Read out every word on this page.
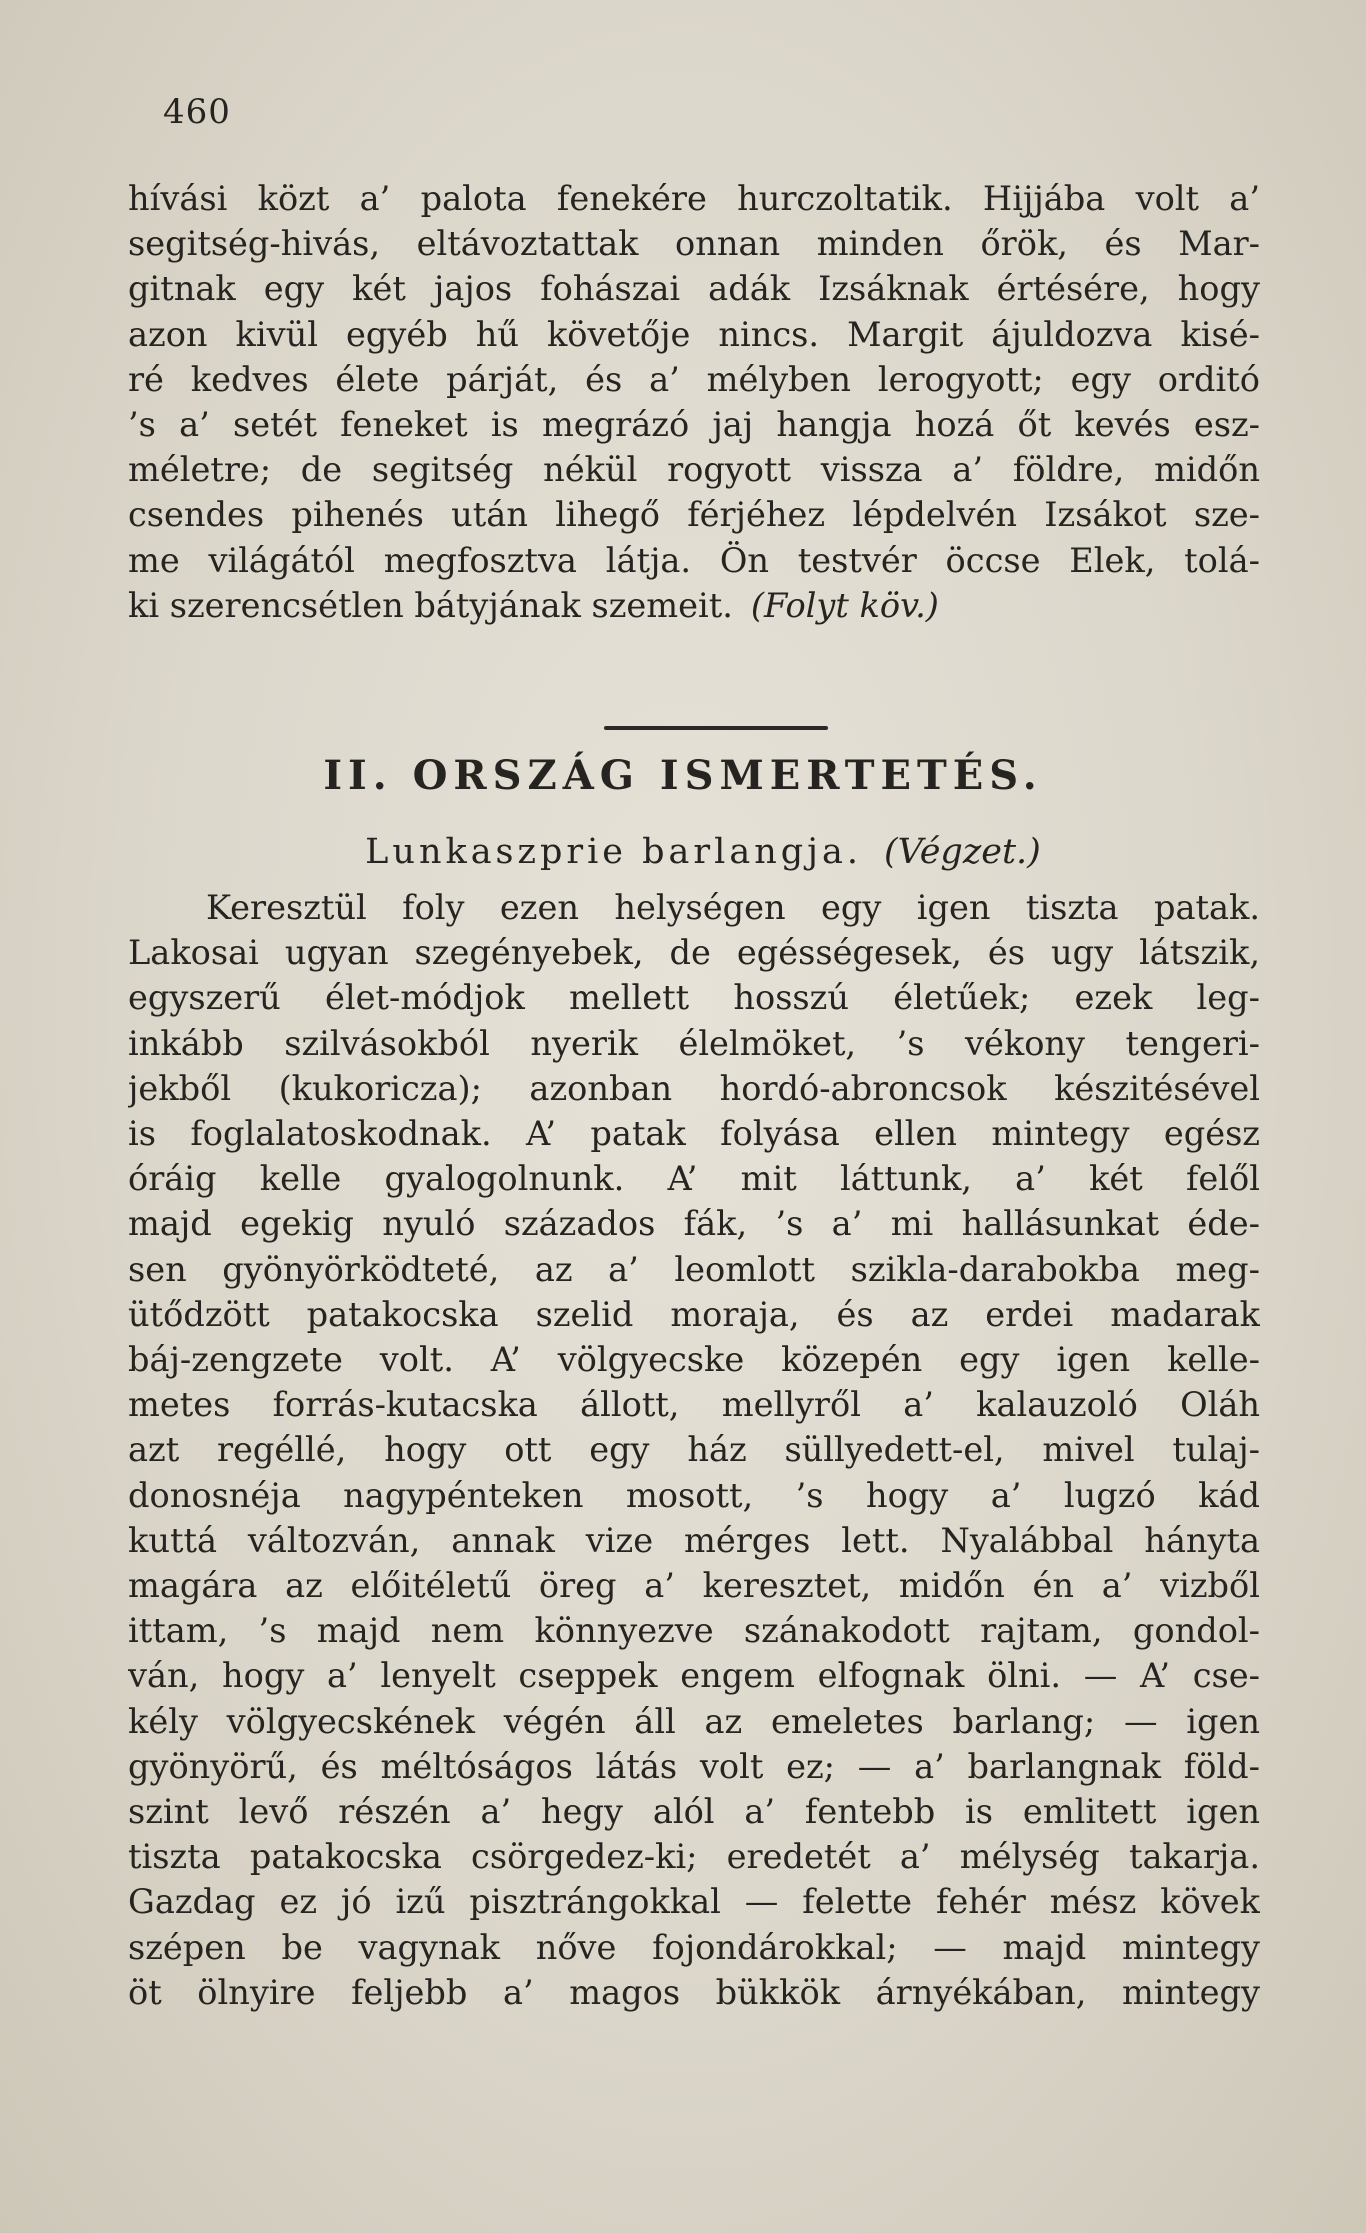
460
hívási közt a’ palota fenekére hurczoltatik. Hijjába volt a’
segitség-hivás, eltávoztattak onnan minden őrök, és Mar-
gitnak egy két jajos fohászai adák Izsáknak értésére, hogy
azon kivül egyéb hű követője nincs. Margit ájuldozva kisé-
ré kedves élete párját, és a’ mélyben lerogyott; egy orditó
’s a’ setét feneket is megrázó jaj hangja hozá őt kevés esz-
méletre; de segitség nékül rogyott vissza a’ földre, midőn
csendes pihenés után lihegő férjéhez lépdelvén Izsákot sze-
me világától megfosztva látja. Ön testvér öccse Elek, tolá-
ki szerencsétlen bátyjának szemeit. (Folyt köv.)
II. ORSZÁG ISMERTETÉS.
Lunkaszprie barlangja. (Végzet.)
Keresztül foly ezen helységen egy igen tiszta patak.
Lakosai ugyan szegényebek, de egésségesek, és ugy látszik,
egyszerű élet-módjok mellett hosszú életűek; ezek leg-
inkább szilvásokból nyerik élelmöket, ’s vékony tengeri-
jekből (kukoricza); azonban hordó-abroncsok készitésével
is foglalatoskodnak. A’ patak folyása ellen mintegy egész
óráig kelle gyalogolnunk. A’ mit láttunk, a’ két felől
majd egekig nyuló százados fák, ’s a’ mi hallásunkat éde-
sen gyönyörködteté, az a’ leomlott szikla-darabokba meg-
ütődzött patakocska szelid moraja, és az erdei madarak
báj-zengzete volt. A’ völgyecske közepén egy igen kelle-
metes forrás-kutacska állott, mellyről a’ kalauzoló Oláh
azt regéllé, hogy ott egy ház süllyedett-el, mivel tulaj-
donosnéja nagypénteken mosott, ’s hogy a’ lugzó kád
kuttá változván, annak vize mérges lett. Nyalábbal hányta
magára az előitéletű öreg a’ keresztet, midőn én a’ vizből
ittam, ’s majd nem könnyezve szánakodott rajtam, gondol-
ván, hogy a’ lenyelt cseppek engem elfognak ölni. — A’ cse-
kély völgyecskének végén áll az emeletes barlang; — igen
gyönyörű, és méltóságos látás volt ez; — a’ barlangnak föld-
szint levő részén a’ hegy alól a’ fentebb is emlitett igen
tiszta patakocska csörgedez-ki; eredetét a’ mélység takarja.
Gazdag ez jó izű pisztrángokkal — felette fehér mész kövek
szépen be vagynak nőve fojondárokkal; — majd mintegy
öt ölnyire feljebb a’ magos bükkök árnyékában, mintegy
